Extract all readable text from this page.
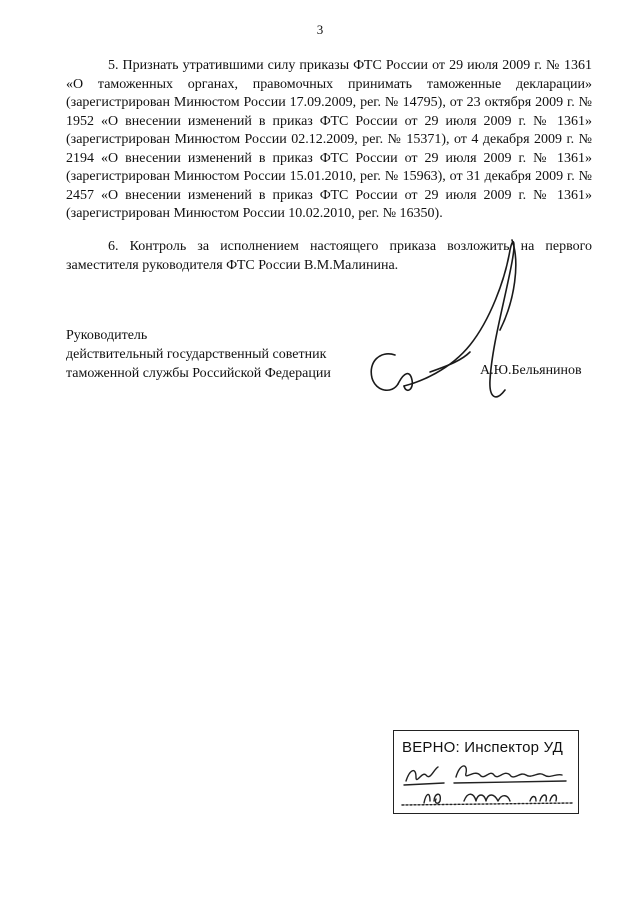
3

5. Признать утратившими силу приказы ФТС России от 29 июля 2009 г. № 1361 «О таможенных органах, правомочных принимать таможенные декларации» (зарегистрирован Минюстом России 17.09.2009, рег. № 14795), от 23 октября 2009 г. № 1952 «О внесении изменений в приказ ФТС России от 29 июля 2009 г. № 1361» (зарегистрирован Минюстом России 02.12.2009, рег. № 15371), от 4 декабря 2009 г. № 2194 «О внесении изменений в приказ ФТС России от 29 июля 2009 г. № 1361» (зарегистрирован Минюстом России 15.01.2010, рег. № 15963), от 31 декабря 2009 г. № 2457 «О внесении изменений в приказ ФТС России от 29 июля 2009 г. № 1361» (зарегистрирован Минюстом России 10.02.2010, рег. № 16350).

6. Контроль за исполнением настоящего приказа возложить на первого заместителя руководителя ФТС России В.М.Малинина.

Руководитель
действительный государственный советник
таможенной службы Российской Федерации	А.Ю.Бельянинов
ВЕРНО: Инспектор УД
